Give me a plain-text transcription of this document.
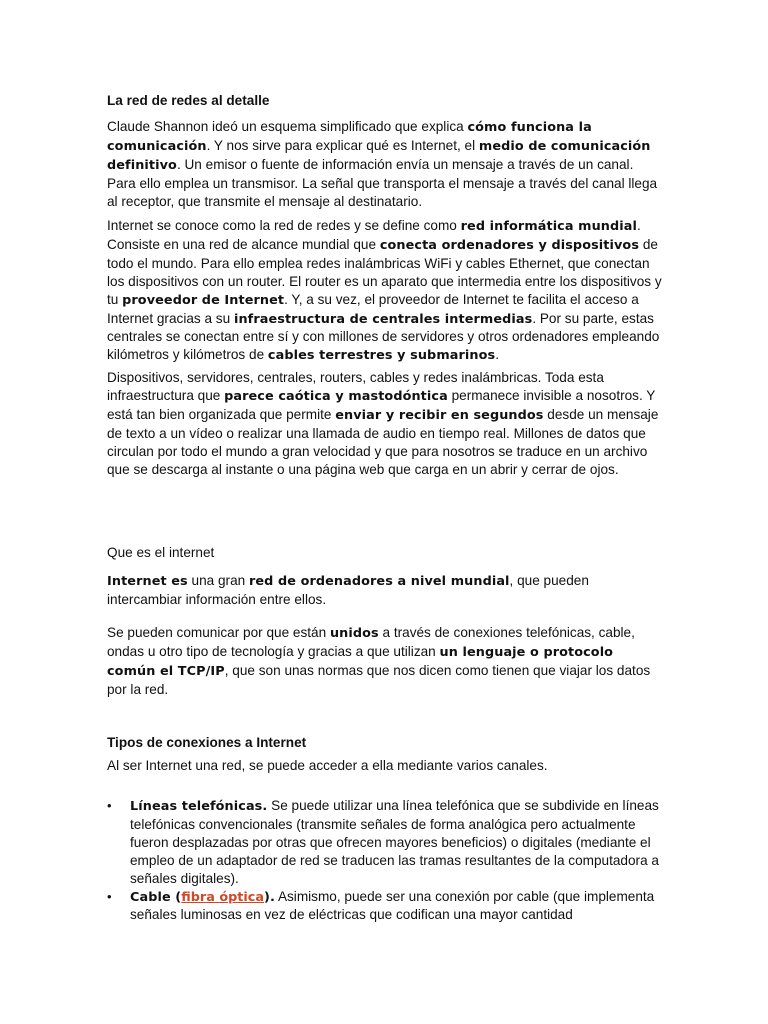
La red de redes al detalle

Claude Shannon ideó un esquema simplificado que explica cómo funciona la comunicación. Y nos sirve para explicar qué es Internet, el medio de comunicación definitivo. Un emisor o fuente de información envía un mensaje a través de un canal. Para ello emplea un transmisor. La señal que transporta el mensaje a través del canal llega al receptor, que transmite el mensaje al destinatario.

Internet se conoce como la red de redes y se define como red informática mundial. Consiste en una red de alcance mundial que conecta ordenadores y dispositivos de todo el mundo. Para ello emplea redes inalámbricas WiFi y cables Ethernet, que conectan los dispositivos con un router. El router es un aparato que intermedia entre los dispositivos y tu proveedor de Internet. Y, a su vez, el proveedor de Internet te facilita el acceso a Internet gracias a su infraestructura de centrales intermedias. Por su parte, estas centrales se conectan entre sí y con millones de servidores y otros ordenadores empleando kilómetros y kilómetros de cables terrestres y submarinos.

Dispositivos, servidores, centrales, routers, cables y redes inalámbricas. Toda esta infraestructura que parece caótica y mastodóntica permanece invisible a nosotros. Y está tan bien organizada que permite enviar y recibir en segundos desde un mensaje de texto a un vídeo o realizar una llamada de audio en tiempo real. Millones de datos que circulan por todo el mundo a gran velocidad y que para nosotros se traduce en un archivo que se descarga al instante o una página web que carga en un abrir y cerrar de ojos.

Que es el internet

Internet es una gran red de ordenadores a nivel mundial, que pueden intercambiar información entre ellos.

Se pueden comunicar por que están unidos a través de conexiones telefónicas, cable, ondas u otro tipo de tecnología y gracias a que utilizan un lenguaje o protocolo común el TCP/IP, que son unas normas que nos dicen como tienen que viajar los datos por la red.

Tipos de conexiones a Internet

Al ser Internet una red, se puede acceder a ella mediante varios canales.

• Líneas telefónicas. Se puede utilizar una línea telefónica que se subdivide en líneas telefónicas convencionales (transmite señales de forma analógica pero actualmente fueron desplazadas por otras que ofrecen mayores beneficios) o digitales (mediante el empleo de un adaptador de red se traducen las tramas resultantes de la computadora a señales digitales).
• Cable (fibra óptica). Asimismo, puede ser una conexión por cable (que implementa señales luminosas en vez de eléctricas que codifican una mayor cantidad
